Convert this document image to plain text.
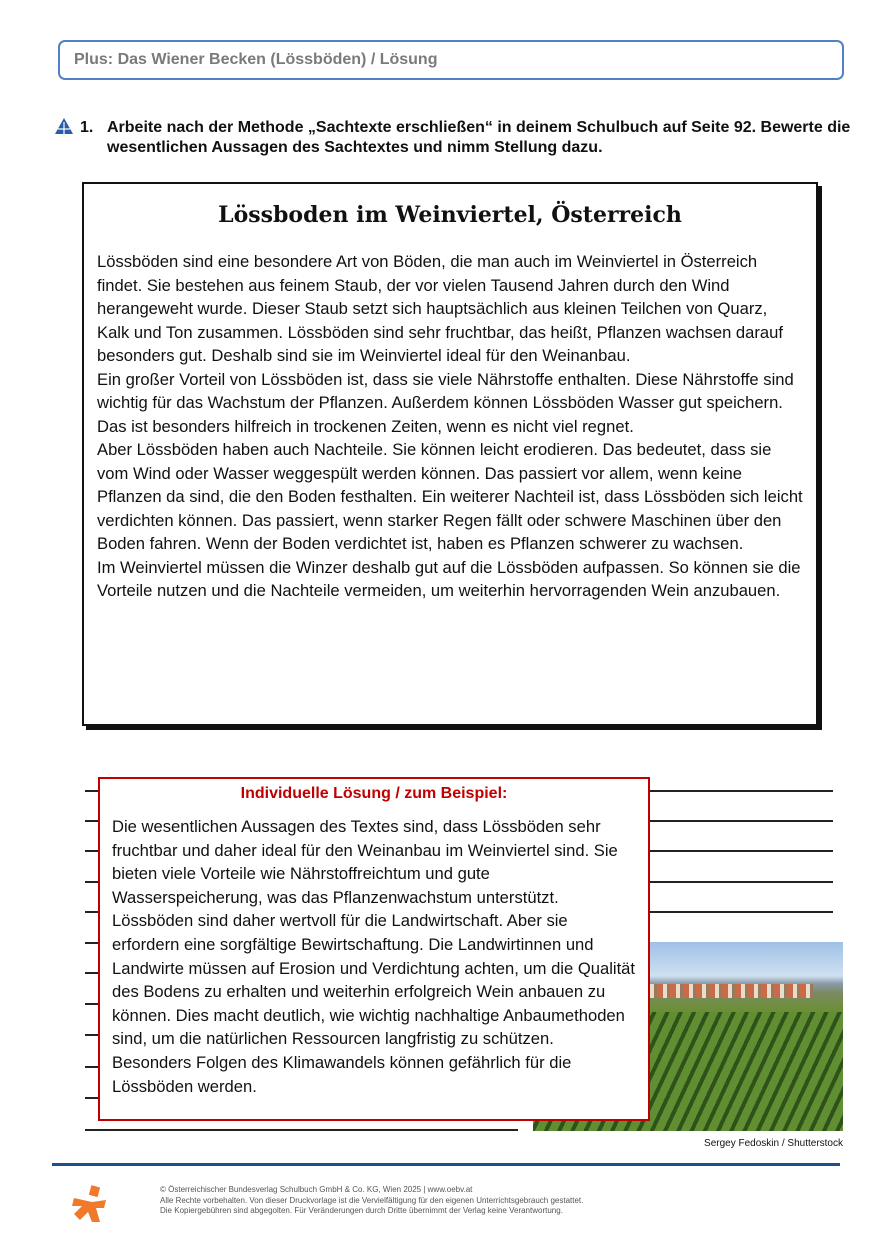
Plus: Das Wiener Becken (Lössböden) / Lösung
1. Arbeite nach der Methode „Sachtexte erschließen“ in deinem Schulbuch auf Seite 92. Bewerte die wesentlichen Aussagen des Sachtextes und nimm Stellung dazu.
Lössboden im Weinviertel, Österreich

Lössböden sind eine besondere Art von Böden, die man auch im Weinviertel in Österreich findet. Sie bestehen aus feinem Staub, der vor vielen Tausend Jahren durch den Wind herangeweht wurde. Dieser Staub setzt sich hauptsächlich aus kleinen Teilchen von Quarz, Kalk und Ton zusammen. Lössböden sind sehr fruchtbar, das heißt, Pflanzen wachsen darauf besonders gut. Deshalb sind sie im Weinviertel ideal für den Weinanbau.
Ein großer Vorteil von Lössböden ist, dass sie viele Nährstoffe enthalten. Diese Nährstoffe sind wichtig für das Wachstum der Pflanzen. Außerdem können Lössböden Wasser gut speichern. Das ist besonders hilfreich in trockenen Zeiten, wenn es nicht viel regnet.
Aber Lössböden haben auch Nachteile. Sie können leicht erodieren. Das bedeutet, dass sie vom Wind oder Wasser weggespült werden können. Das passiert vor allem, wenn keine Pflanzen da sind, die den Boden festhalten. Ein weiterer Nachteil ist, dass Lössböden sich leicht verdichten können. Das passiert, wenn starker Regen fällt oder schwere Maschinen über den Boden fahren. Wenn der Boden verdichtet ist, haben es Pflanzen schwerer zu wachsen.
Im Weinviertel müssen die Winzer deshalb gut auf die Lössböden aufpassen. So können sie die Vorteile nutzen und die Nachteile vermeiden, um weiterhin hervorragenden Wein anzubauen.

Sergey Fedoskin / Shutterstock
Individuelle Lösung / zum Beispiel:

Die wesentlichen Aussagen des Textes sind, dass Lössböden sehr fruchtbar und daher ideal für den Weinanbau im Weinviertel sind. Sie bieten viele Vorteile wie Nährstoffreichtum und gute Wasserspeicherung, was das Pflanzenwachstum unterstützt. Lössböden sind daher wertvoll für die Landwirtschaft. Aber sie erfordern eine sorgfältige Bewirtschaftung. Die Landwirtinnen und Landwirte müssen auf Erosion und Verdichtung achten, um die Qualität des Bodens zu erhalten und weiterhin erfolgreich Wein anbauen zu können. Dies macht deutlich, wie wichtig nachhaltige Anbaumethoden sind, um die natürlichen Ressourcen langfristig zu schützen. Besonders Folgen des Klimawandels können gefährlich für die Lössböden werden.

© Österreichischer Bundesverlag Schulbuch GmbH & Co. KG, Wien 2025 | www.oebv.at
Alle Rechte vorbehalten. Von dieser Druckvorlage ist die Vervielfältigung für den eigenen Unterrichtsgebrauch gestattet.
Die Kopiergebühren sind abgegolten. Für Veränderungen durch Dritte übernimmt der Verlag keine Verantwortung.
